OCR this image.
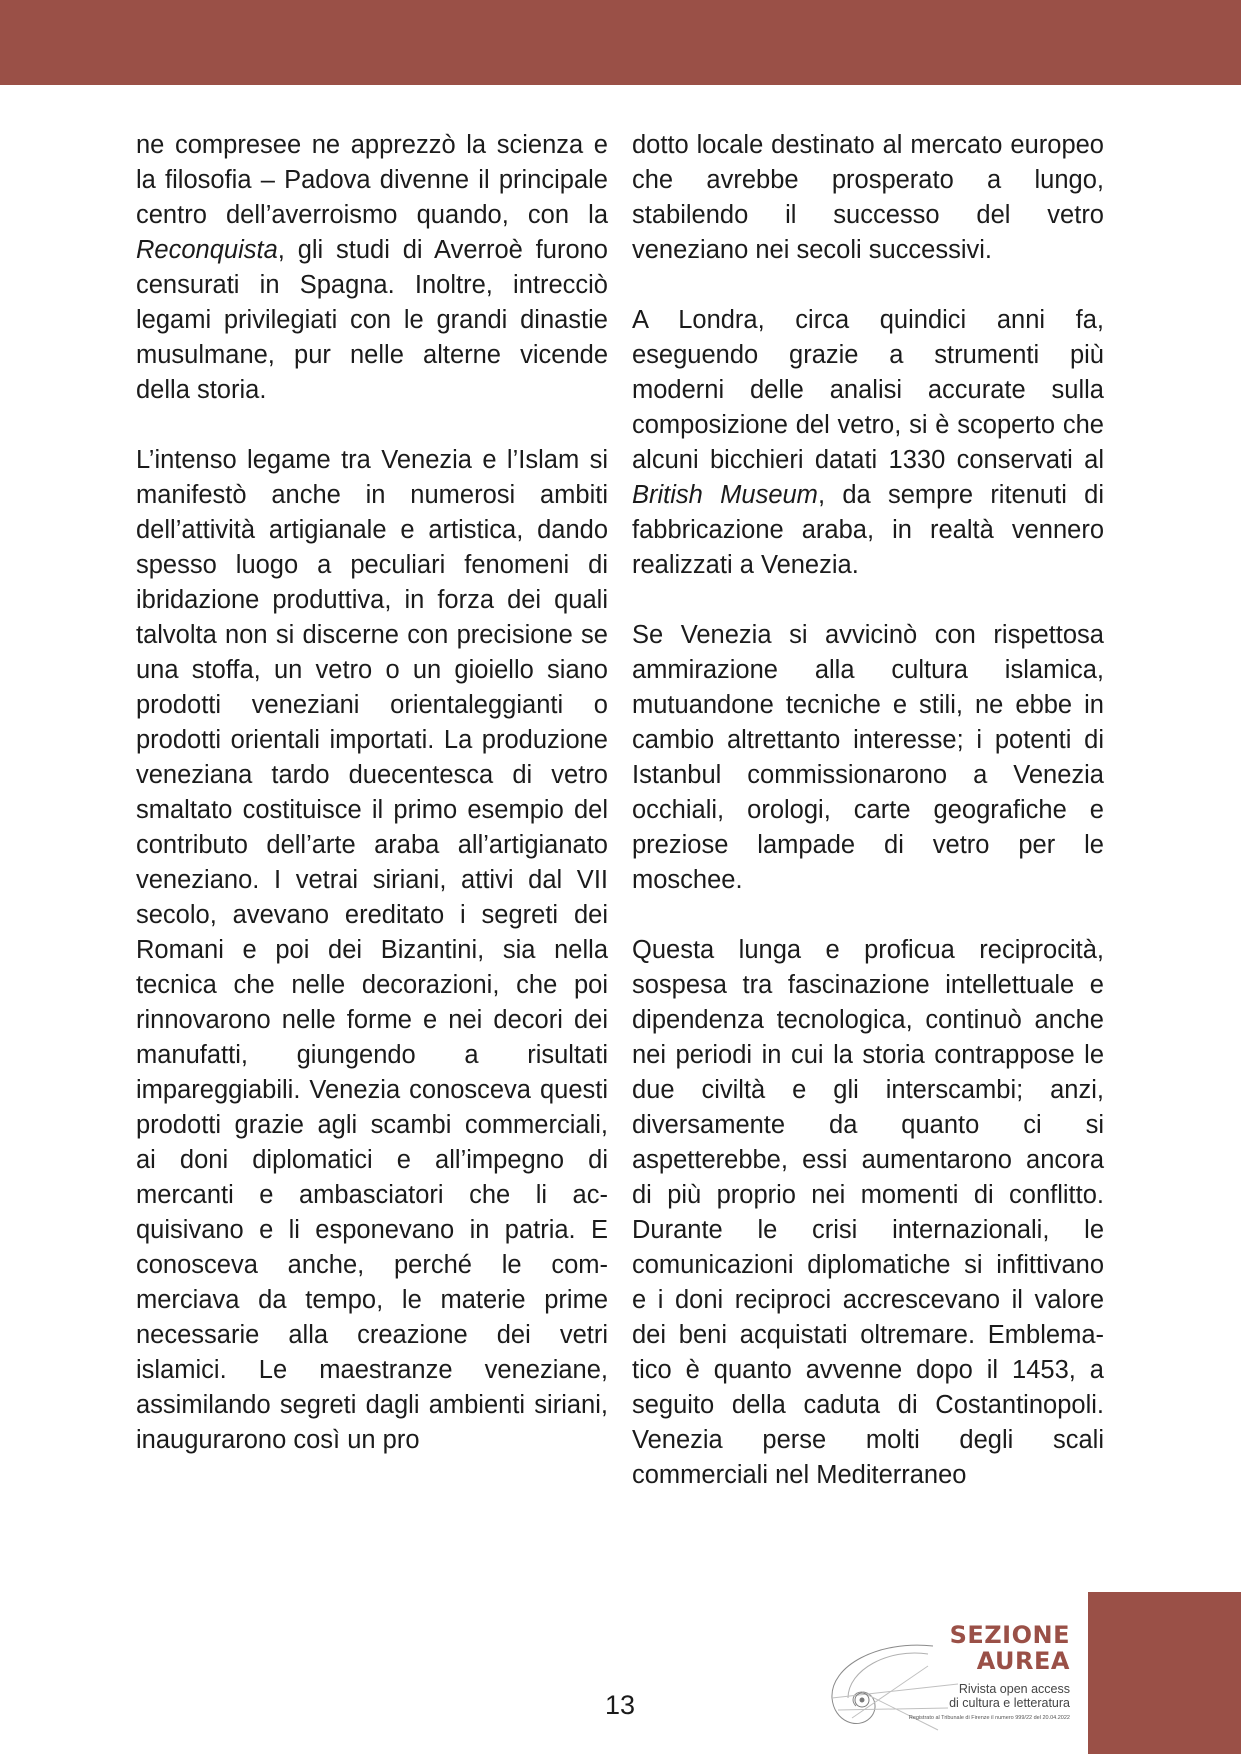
ne compresee ne apprezzò la scienza e la filosofia – Padova divenne il principale centro dell’averroismo quando, con la Reconquista, gli studi di Averroè furono censurati in Spagna. Inoltre, intrecciò legami privilegiati con le grandi dinastie musulmane, pur nelle alterne vicende della storia.

L’intenso legame tra Venezia e l’Islam si manifestò anche in numerosi ambiti dell’attività artigianale e artistica, dando spesso luogo a peculiari fenomeni di ibridazione produttiva, in forza dei quali talvolta non si discerne con precisione se una stoffa, un vetro o un gioiello siano prodotti veneziani orientaleggianti o prodotti orientali importati. La produzione veneziana tardo duecentesca di vetro smaltato costituisce il primo esempio del contributo dell’arte araba all’artigianato veneziano. I vetrai siriani, attivi dal VII secolo, avevano ereditato i segreti dei Romani e poi dei Bizantini, sia nella tecnica che nelle decorazioni, che poi rinnovarono nelle forme e nei decori dei manufatti, giungendo a risultati impareggiabili. Venezia conosceva questi prodotti grazie agli scambi commerciali, ai doni diplomatici e all’impegno di mercanti e ambasciatori che li acquisivano e li esponevano in patria. E conosceva anche, perché le commerciava da tempo, le materie prime necessarie alla creazione dei vetri islamici. Le maestranze veneziane, assimilando segreti dagli ambienti siriani, inaugurarono così un pro

dotto locale destinato al mercato europeo che avrebbe prosperato a lungo, stabilendo il successo del vetro veneziano nei secoli successivi.

A Londra, circa quindici anni fa, eseguendo grazie a strumenti più moderni delle analisi accurate sulla composizione del vetro, si è scoperto che alcuni bicchieri datati 1330 conservati al British Museum, da sempre ritenuti di fabbricazione araba, in realtà vennero realizzati a Venezia.

Se Venezia si avvicinò con rispettosa ammirazione alla cultura islamica, mutuandone tecniche e stili, ne ebbe in cambio altrettanto interesse; i potenti di Istanbul commissionarono a Venezia occhiali, orologi, carte geografiche e preziose lampade di vetro per le moschee.

Questa lunga e proficua reciprocità, sospesa tra fascinazione intellettuale e dipendenza tecnologica, continuò anche nei periodi in cui la storia contrappose le due civiltà e gli interscambi; anzi, diversamente da quanto ci si aspetterebbe, essi aumentarono ancora di più proprio nei momenti di conflitto. Durante le crisi internazionali, le comunicazioni diplomatiche si infittivano e i doni reciproci accrescevano il valore dei beni acquistati oltremare. Emblematico è quanto avvenne dopo il 1453, a seguito della caduta di Costantinopoli. Venezia perse molti degli scali commerciali nel Mediterraneo

13
SEZIONE
AUREA
Rivista open access
di cultura e letteratura
Registrato al Tribunale di Firenze il numero 999/22 del 20.04.2022
